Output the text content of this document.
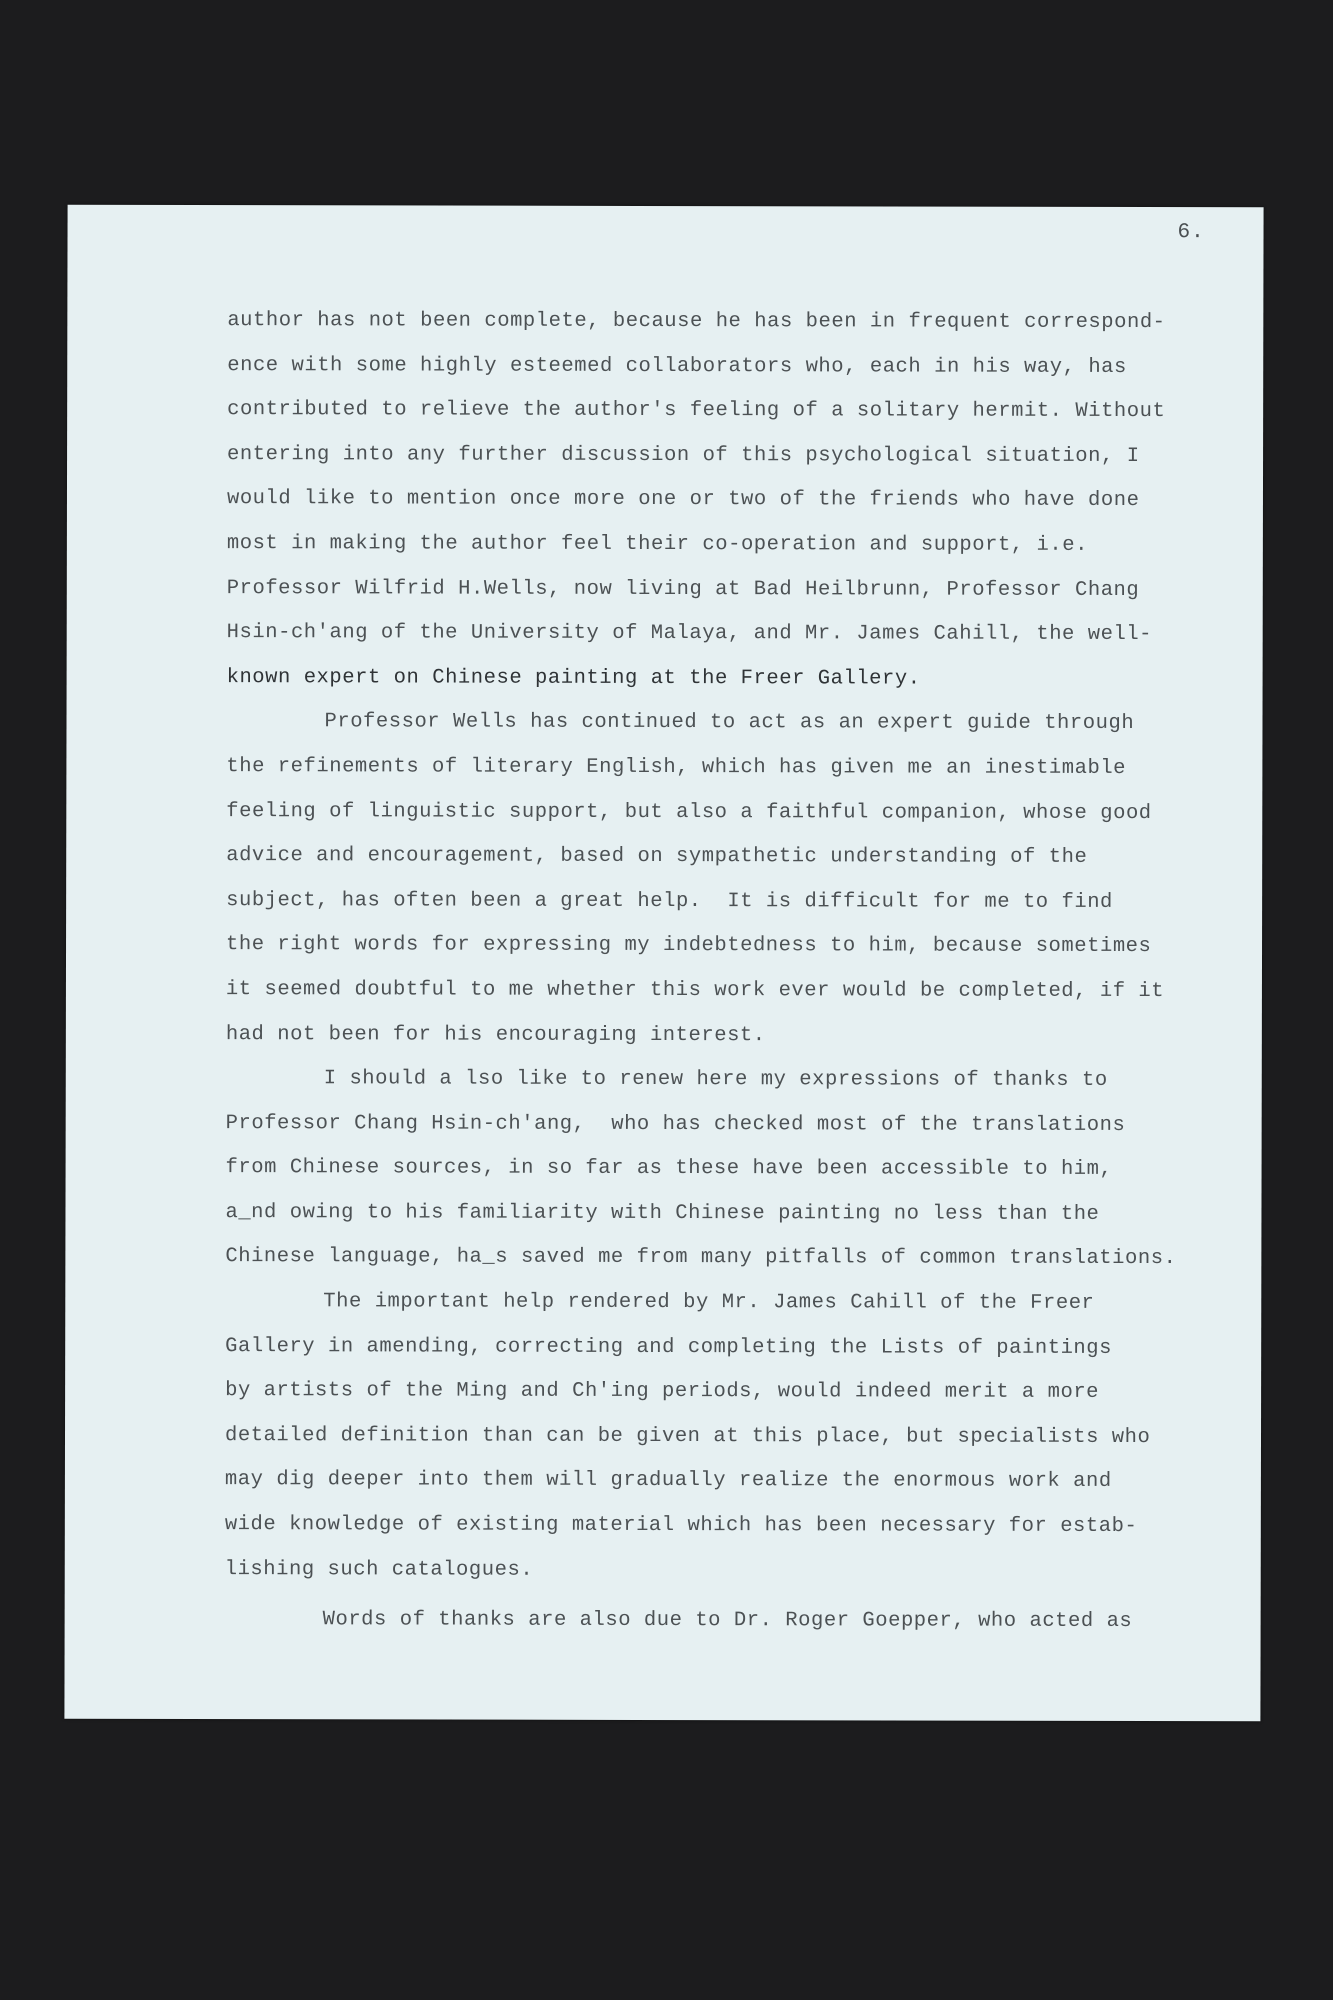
6.
author has not been complete, because he has been in frequent correspond-
ence with some highly esteemed collaborators who, each in his way, has
contributed to relieve the author's feeling of a solitary hermit. Without
entering into any further discussion of this psychological situation, I
would like to mention once more one or two of the friends who have done
most in making the author feel their co-operation and support, i.e.
Professor Wilfrid H.Wells, now living at Bad Heilbrunn, Professor Chang
Hsin-ch'ang of the University of Malaya, and Mr. James Cahill, the well-
known expert on Chinese painting at the Freer Gallery.
Professor Wells has continued to act as an expert guide through
the refinements of literary English, which has given me an inestimable
feeling of linguistic support, but also a faithful companion, whose good
advice and encouragement, based on sympathetic understanding of the
subject, has often been a great help.  It is difficult for me to find
the right words for expressing my indebtedness to him, because sometimes
it seemed doubtful to me whether this work ever would be completed, if it
had not been for his encouraging interest.
I should a lso like to renew here my expressions of thanks to
Professor Chang Hsin-ch'ang,  who has checked most of the translations
from Chinese sources, in so far as these have been accessible to him,
a_nd owing to his familiarity with Chinese painting no less than the
Chinese language, ha_s saved me from many pitfalls of common translations.
The important help rendered by Mr. James Cahill of the Freer
Gallery in amending, correcting and completing the Lists of paintings
by artists of the Ming and Ch'ing periods, would indeed merit a more
detailed definition than can be given at this place, but specialists who
may dig deeper into them will gradually realize the enormous work and
wide knowledge of existing material which has been necessary for estab-
lishing such catalogues.
Words of thanks are also due to Dr. Roger Goepper, who acted as
